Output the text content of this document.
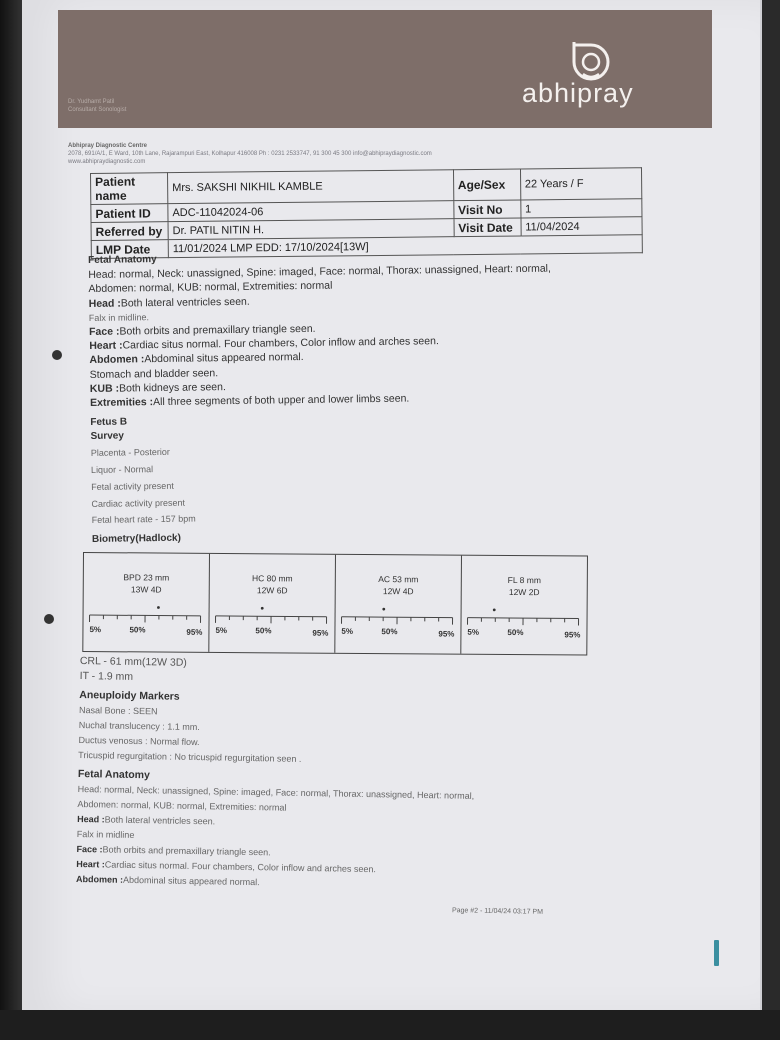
abhipray
Dr. Yudhamt Patil
Consultant Sonologist
Abhipray Diagnostic Centre
2078, 691/A/1, E Ward, 10th Lane, Rajarampuri East, Kolhapur 416008 Ph : 0231 2533747, 91 300 45 300 info@abhipraydiagnostic.com
www.abhipraydiagnostic.com
Patient name	Mrs. SAKSHI NIKHIL KAMBLE	Age/Sex	22 Years / F
Patient ID	ADC-11042024-06	Visit No	1
Referred by	Dr. PATIL NITIN H.	Visit Date	11/04/2024
LMP Date	11/01/2024 LMP EDD: 17/10/2024[13W]		
Fetal Anatomy
Head: normal, Neck: unassigned, Spine: imaged, Face: normal, Thorax: unassigned, Heart: normal,
Abdomen: normal, KUB: normal, Extremities: normal
Head :Both lateral ventricles seen.
Falx in midline.
Face :Both orbits and premaxillary triangle seen.
Heart :Cardiac situs normal. Four chambers, Color inflow and arches seen.
Abdomen :Abdominal situs appeared normal.
Stomach and bladder seen.
KUB :Both kidneys are seen.
Extremities :All three segments of both upper and lower limbs seen.
Fetus B
Survey
Placenta - Posterior
Liquor - Normal
Fetal activity present
Cardiac activity present
Fetal heart rate - 157 bpm
Biometry(Hadlock)
BPD 23 mm
13W 4D
5%	50%	95%
HC 80 mm
12W 6D
5%	50%	95%
AC 53 mm
12W 4D
5%	50%	95%
FL 8 mm
12W 2D
5%	50%	95%
CRL - 61 mm(12W 3D)
IT - 1.9 mm
Aneuploidy Markers
Nasal Bone : SEEN
Nuchal translucency : 1.1 mm.
Ductus venosus : Normal flow.
Tricuspid regurgitation : No tricuspid regurgitation seen .
Fetal Anatomy
Head: normal, Neck: unassigned, Spine: imaged, Face: normal, Thorax: unassigned, Heart: normal,
Abdomen: normal, KUB: normal, Extremities: normal
Head :Both lateral ventricles seen.
Falx in midline
Face :Both orbits and premaxillary triangle seen.
Heart :Cardiac situs normal. Four chambers, Color inflow and arches seen.
Abdomen :Abdominal situs appeared normal.
Page #2 - 11/04/24 03:17 PM
